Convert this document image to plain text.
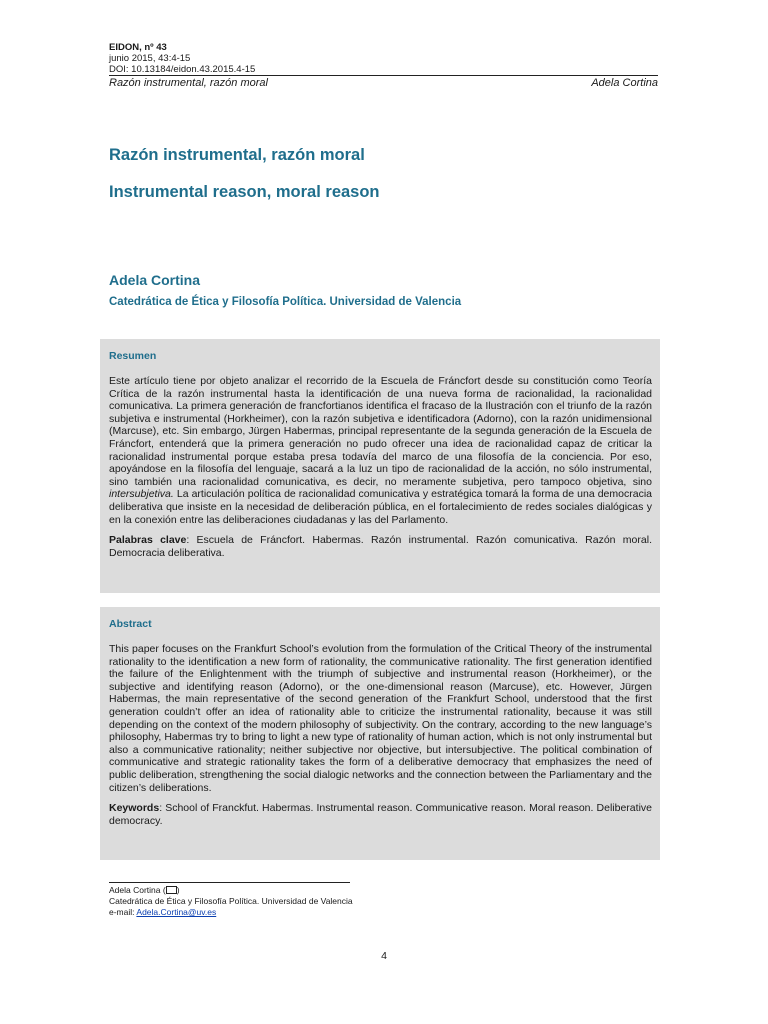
EIDON, nº 43
junio 2015, 43:4-15
DOI: 10.13184/eidon.43.2015.4-15
Razón instrumental, razón moral	Adela Cortina
Razón instrumental, razón moral
Instrumental reason, moral reason
Adela Cortina
Catedrática de Ética y Filosofía Política. Universidad de Valencia
Resumen

Este artículo tiene por objeto analizar el recorrido de la Escuela de Fráncfort desde su constitución como Teoría Crítica de la razón instrumental hasta la identificación de una nueva forma de racionalidad, la racionalidad comunicativa. La primera generación de francfortianos identifica el fracaso de la Ilustración con el triunfo de la razón subjetiva e instrumental (Horkheimer), con la razón subjetiva e identificadora (Adorno), con la razón unidimensional (Marcuse), etc. Sin embargo, Jürgen Habermas, principal representante de la segunda generación de la Escuela de Fráncfort, entenderá que la primera generación no pudo ofrecer una idea de racionalidad capaz de criticar la racionalidad instrumental porque estaba presa todavía del marco de una filosofía de la conciencia. Por eso, apoyándose en la filosofía del lenguaje, sacará a la luz un tipo de racionalidad de la acción, no sólo instrumental, sino también una racionalidad comunicativa, es decir, no meramente subjetiva, pero tampoco objetiva, sino intersubjetiva. La articulación política de racionalidad comunicativa y estratégica tomará la forma de una democracia deliberativa que insiste en la necesidad de deliberación pública, en el fortalecimiento de redes sociales dialógicas y en la conexión entre las deliberaciones ciudadanas y las del Parlamento.

Palabras clave: Escuela de Fráncfort. Habermas. Razón instrumental. Razón comunicativa. Razón moral. Democracia deliberativa.

Abstract

This paper focuses on the Frankfurt School’s evolution from the formulation of the Critical Theory of the instrumental rationality to the identification a new form of rationality, the communicative rationality. The first generation identified the failure of the Enlightenment with the triumph of subjective and instrumental reason (Horkheimer), or the subjective and identifying reason (Adorno), or the one-dimensional reason (Marcuse), etc. However, Jürgen Habermas, the main representative of the second generation of the Frankfurt School, understood that the first generation couldn’t offer an idea of rationality able to criticize the instrumental rationality, because it was still depending on the context of the modern philosophy of subjectivity. On the contrary, according to the new language’s philosophy, Habermas try to bring to light a new type of rationality of human action, which is not only instrumental but also a communicative rationality; neither subjective nor objective, but intersubjective. The political combination of communicative and strategic rationality takes the form of a deliberative democracy that emphasizes the need of public deliberation, strengthening the social dialogic networks and the connection between the Parliamentary and the citizen’s deliberations.

Keywords: School of Franckfut. Habermas. Instrumental reason. Communicative reason. Moral reason. Deliberative democracy.

Adela Cortina ( )
Catedrática de Ética y Filosofía Política. Universidad de Valencia
e-mail: Adela.Cortina@uv.es
4
